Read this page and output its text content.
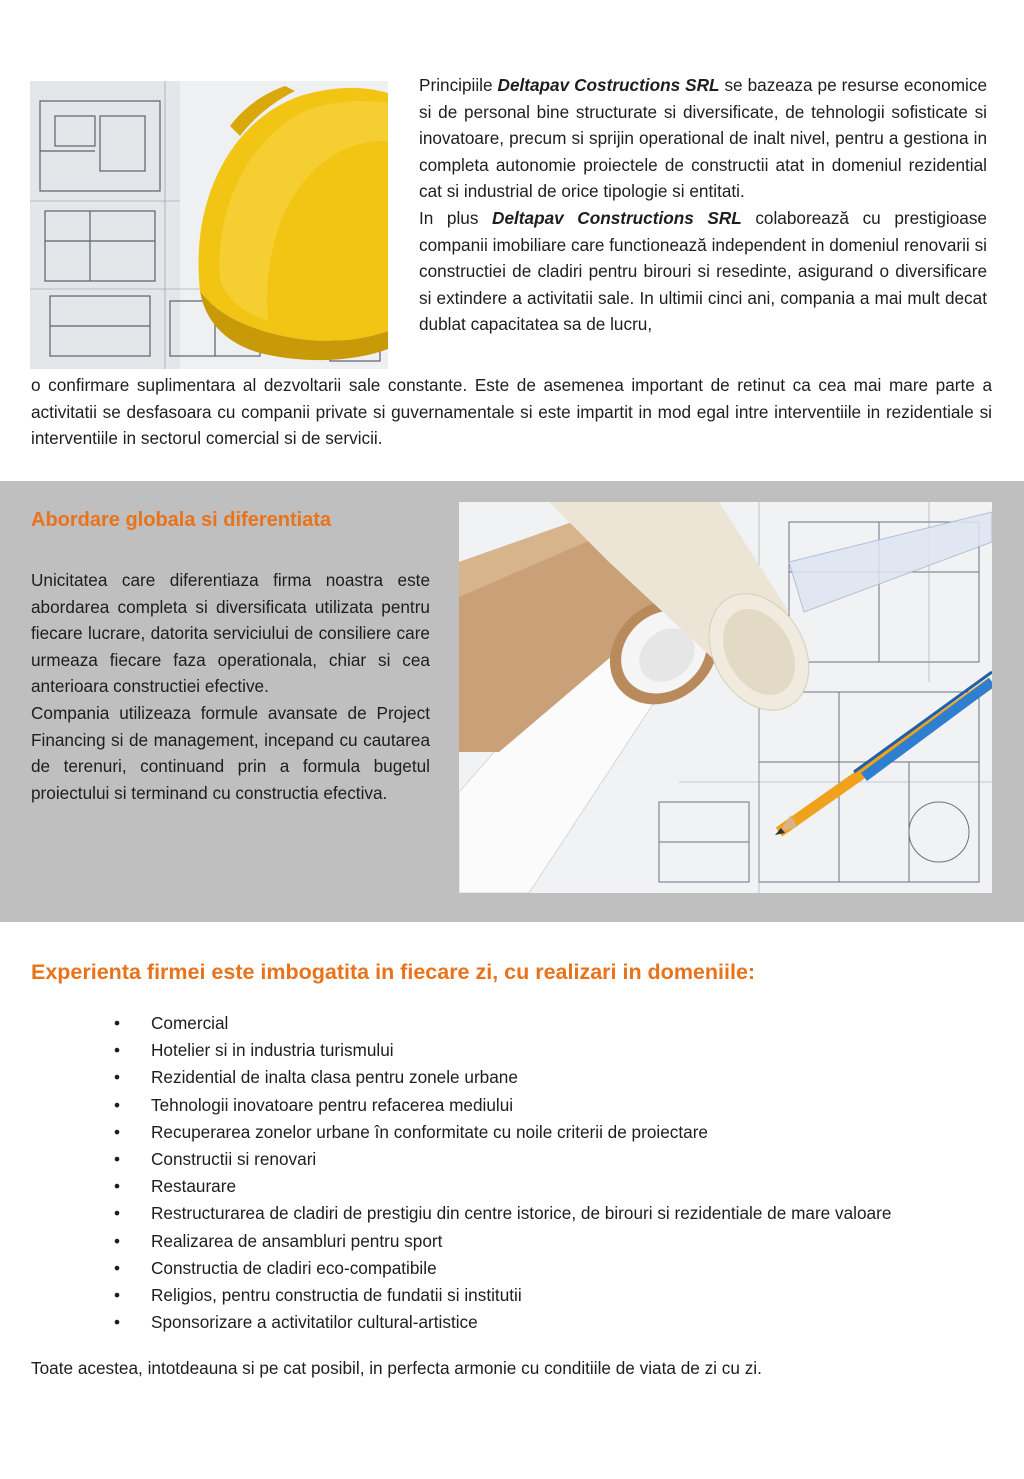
Principiile Deltapav Costructions SRL se bazeaza pe resurse economice si de personal bine structurate si diversificate, de tehnologii sofisticate si inovatoare, precum si sprijin operational de inalt nivel, pentru a gestiona in completa autonomie proiectele de constructii atat in domeniul rezidential cat si industrial de orice tipologie si entitati.

In plus Deltapav Constructions SRL colaborează cu prestigioase companii imobiliare care functionează independent in domeniul renovarii si constructiei de cladiri pentru birouri si resedinte, asigurand o diversificare si extindere a activitatii sale. In ultimii cinci ani, compania a mai mult decat dublat capacitatea sa de lucru,

o confirmare suplimentara al dezvoltarii sale constante. Este de asemenea important de retinut ca cea mai mare parte a activitatii se desfasoara cu companii private si guvernamentale si este impartit in mod egal intre interventiile in rezidentiale si interventiile in sectorul comercial si de servicii.
Abordare globala si diferentiata

Unicitatea care diferentiaza firma noastra este abordarea completa si diversificata utilizata pentru fiecare lucrare, datorita serviciului de consiliere care urmeaza fiecare faza operationala, chiar si cea anterioara constructiei efective.

Compania utilizeaza formule avansate de Project Financing si de management, incepand cu cautarea de terenuri, continuand prin a formula bugetul proiectului si terminand cu constructia efectiva.

Experienta firmei este imbogatita in fiecare zi, cu realizari in domeniile:
• Comercial
• Hotelier si in industria turismului
• Rezidential de inalta clasa pentru zonele urbane
• Tehnologii inovatoare pentru refacerea mediului
• Recuperarea zonelor urbane în conformitate cu noile criterii de proiectare
• Constructii si renovari
• Restaurare
• Restructurarea de cladiri de prestigiu din centre istorice, de birouri si rezidentiale de mare valoare
• Realizarea de ansambluri pentru sport
• Constructia de cladiri eco-compatibile
• Religios, pentru constructia de fundatii si institutii
• Sponsorizare a activitatilor cultural-artistice
Toate acestea, intotdeauna si pe cat posibil, in perfecta armonie cu conditiile de viata de zi cu zi.
